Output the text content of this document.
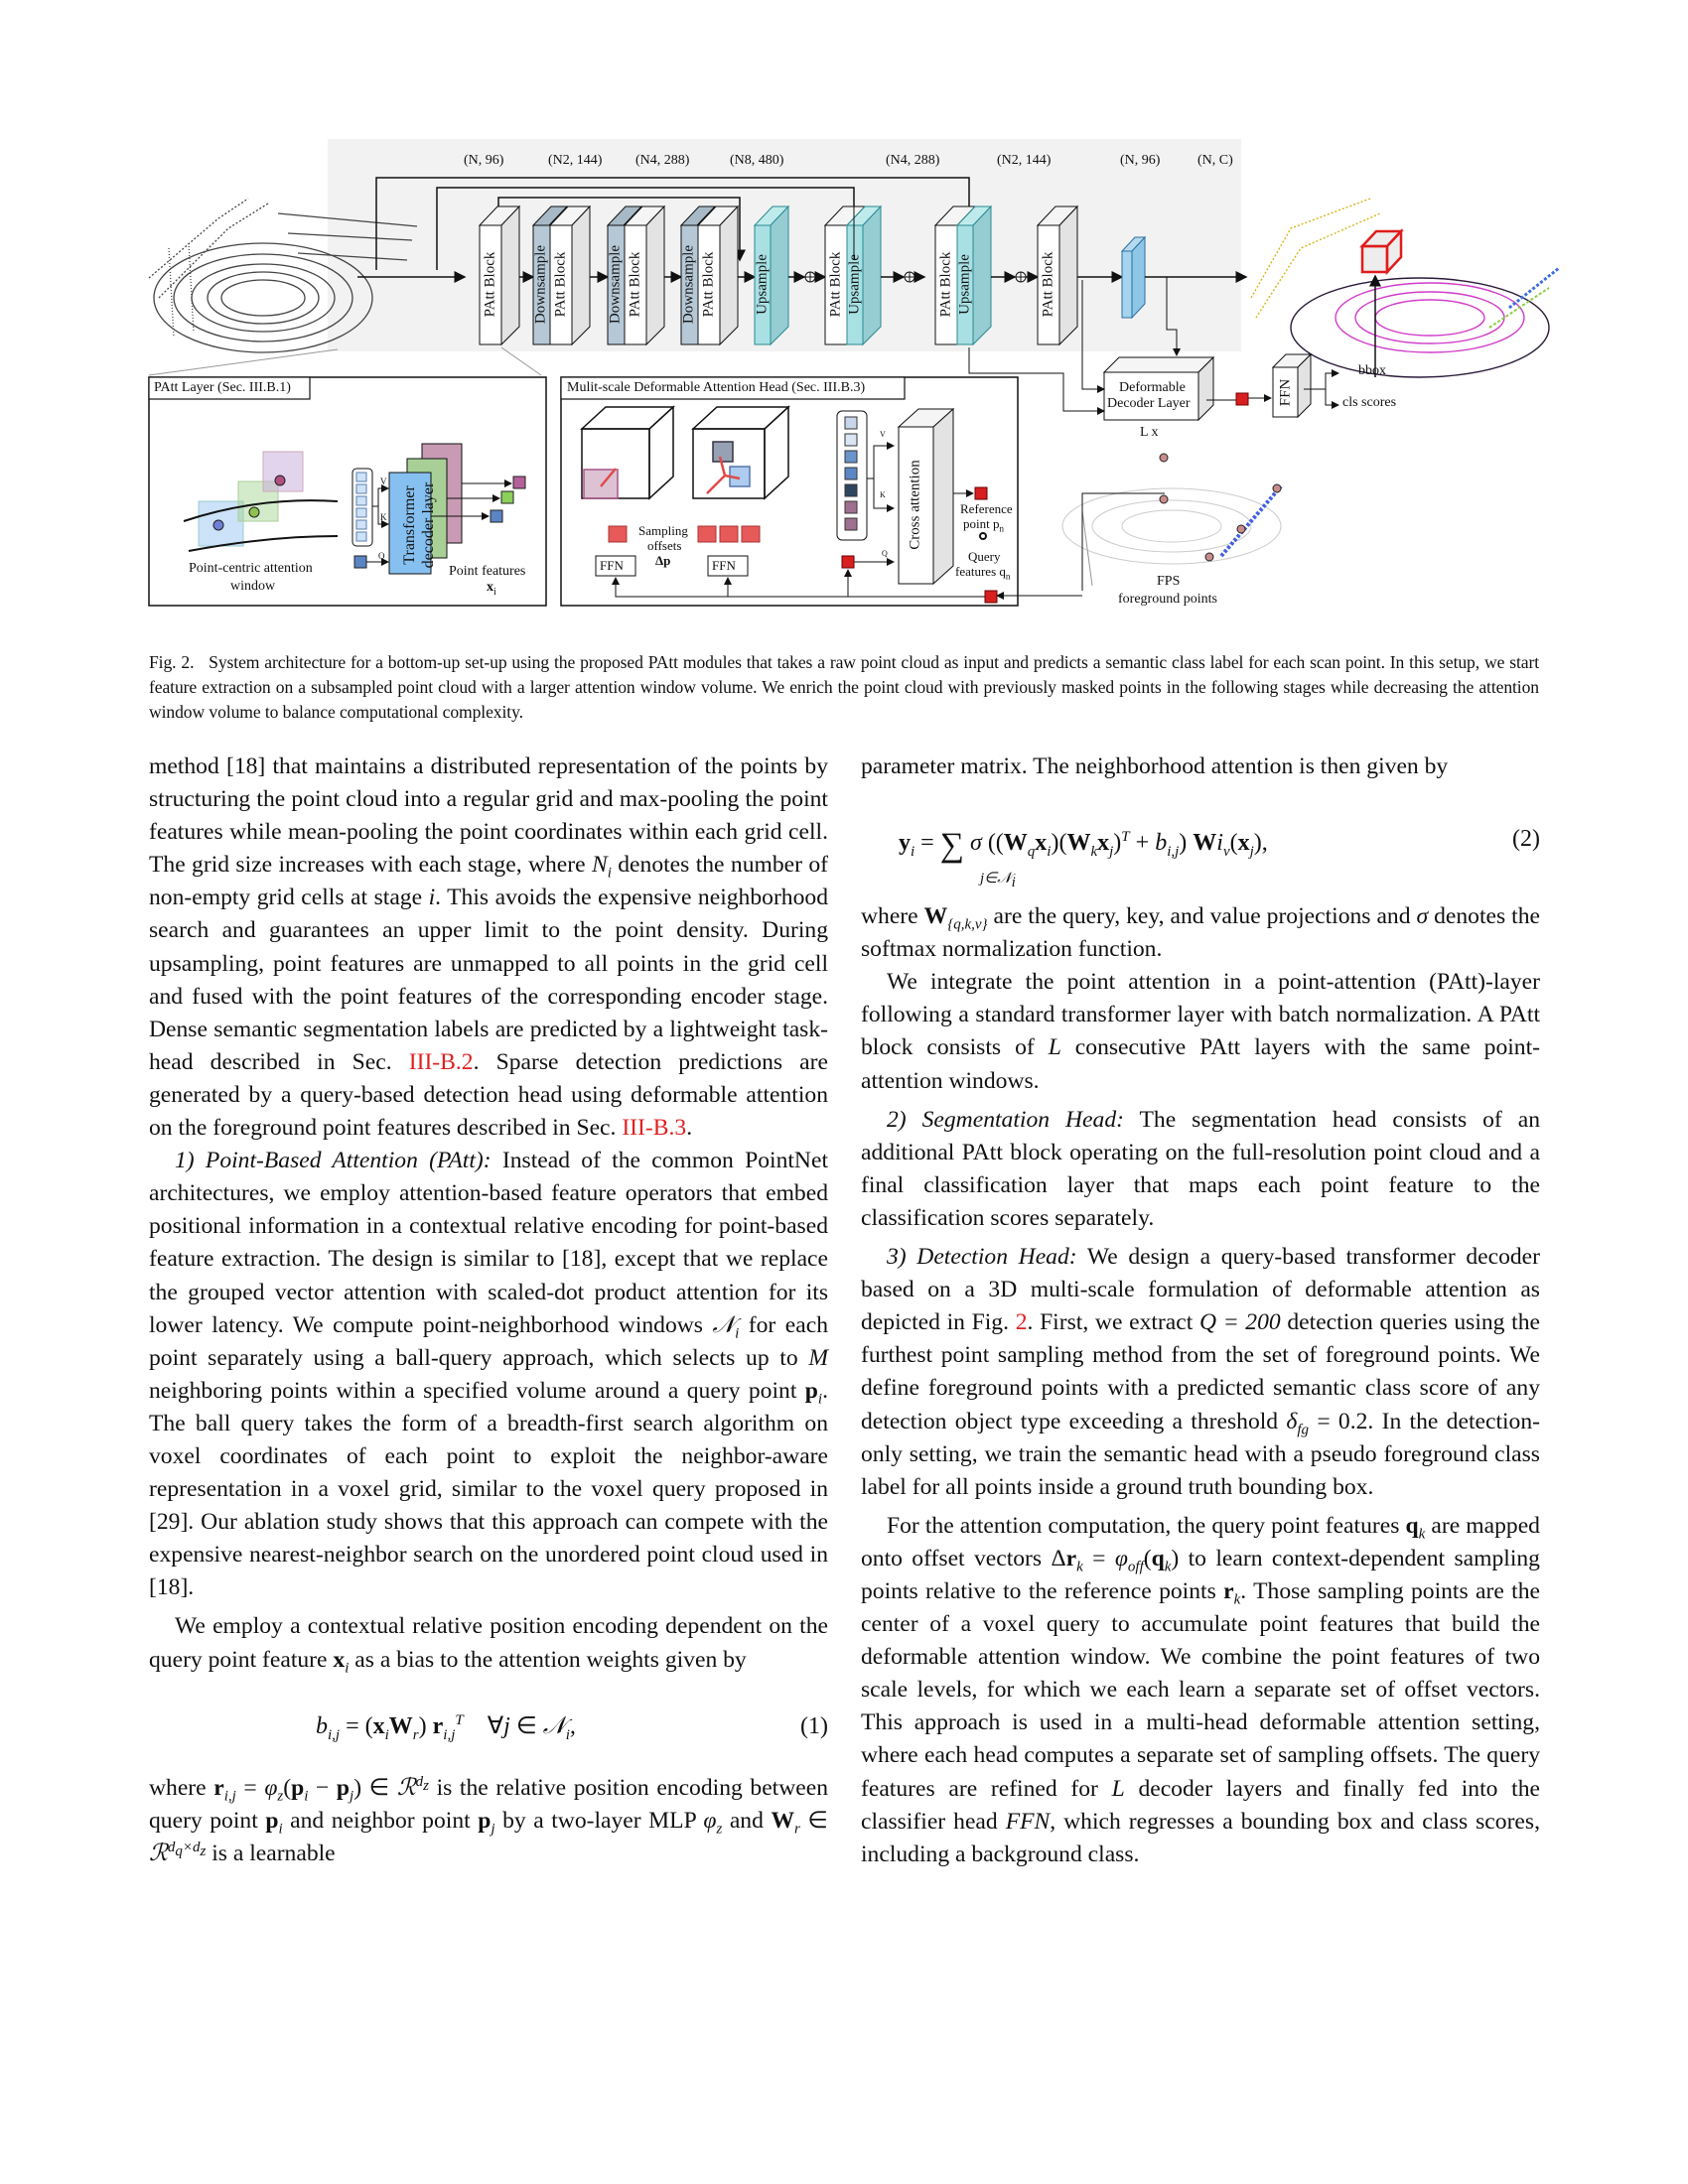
(N, 96)	(N2, 144) (N4, 288)	(N8, 480)	(N4, 288)	(N2, 144)	(N, 96)	(N, C)
PAtt Block Downsample PAtt Block	Downsample PAtt Block	Downsample PAtt Block	Upsample	PAtt Block Upsample	PAtt Block Upsample	PAtt Block
Deformable
Decoder Layer
L x
FFN
bbox
cls scores
FPS
foreground points
PAtt Layer (Sec. III.B.1)
Point-centric attention
window
Transformer decoder layer
V
K
Q
Point features
$x_i$
Mulit-scale Deformable Attention Head (Sec. III.B.3)
Sampling
offsets
Δp
FFN	FFN
Cross attention
V
K
Q
Reference
point $p_n$
Query
features $q_n$
Fig. 2. System architecture for a bottom-up set-up using the proposed PAtt modules that takes a raw point cloud as input and predicts a semantic class label for each scan point. In this setup, we start feature extraction on a subsampled point cloud with a larger attention window volume. We enrich the point cloud with previously masked points in the following stages while decreasing the attention window volume to balance computational complexity.

method [18] that maintains a distributed representation of the points by structuring the point cloud into a regular grid and max-pooling the point features while mean-pooling the point coordinates within each grid cell. The grid size increases with each stage, where $N_i$ denotes the number of non-empty grid cells at stage i. This avoids the expensive neighborhood search and guarantees an upper limit to the point density. During upsampling, point features are unmapped to all points in the grid cell and fused with the point features of the corresponding encoder stage. Dense semantic segmentation labels are predicted by a lightweight task-head described in Sec. III-B.2. Sparse detection predictions are generated by a query-based detection head using deformable attention on the foreground point features described in Sec. III-B.3.

1) Point-Based Attention (PAtt): Instead of the common PointNet architectures, we employ attention-based feature operators that embed positional information in a contextual relative encoding for point-based feature extraction. The design is similar to [18], except that we replace the grouped vector attention with scaled-dot product attention for its lower latency. We compute point-neighborhood windows 𝒩$_i$ for each point separately using a ball-query approach, which selects up to M neighboring points within a specified volume around a query point $p_i$. The ball query takes the form of a breadth-first search algorithm on voxel coordinates of each point to exploit the neighbor-aware representation in a voxel grid, similar to the voxel query proposed in [29]. Our ablation study shows that this approach can compete with the expensive nearest-neighbor search on the unordered point cloud used in [18].

We employ a contextual relative position encoding dependent on the query point feature $x_i$ as a bias to the attention weights given by

$b_{i,j} = (x_iW_r)$ $r_{i,j}^T$ ∀j ∈ 𝒩$_i$,	(1)

where $r_{i,j} = \varphi_z(p_i - p_j)$ ∈ ℛ$^{d_z}$ is the relative position encoding between query point $p_i$ and neighbor point $p_j$ by a two-layer MLP $\varphi_z$ and $W_r$ ∈ ℛ$^{d_q\times d_z}$ is a learnable

parameter matrix. The neighborhood attention is then given by

$y_i$ = ∑ σ $((W_qx_i)(W_kx_j)^T + b_{i,j})$ $Wi_v(x_j)$,
j∈𝒩$_i$
(2)

where $W_{\{q,k,v\}}$ are the query, key, and value projections and σ denotes the softmax normalization function.

We integrate the point attention in a point-attention (PAtt)-layer following a standard transformer layer with batch normalization. A PAtt block consists of L consecutive PAtt layers with the same point-attention windows.

2) Segmentation Head: The segmentation head consists of an additional PAtt block operating on the full-resolution point cloud and a final classification layer that maps each point feature to the classification scores separately.

3) Detection Head: We design a query-based transformer decoder based on a 3D multi-scale formulation of deformable attention as depicted in Fig. 2. First, we extract Q = 200 detection queries using the furthest point sampling method from the set of foreground points. We define foreground points with a predicted semantic class score of any detection object type exceeding a threshold $\delta_{fg} = 0.2$. In the detection-only setting, we train the semantic head with a pseudo foreground class label for all points inside a ground truth bounding box.

For the attention computation, the query point features $q_k$ are mapped onto offset vectors $\Delta r_k = \varphi_{off}(q_k)$ to learn context-dependent sampling points relative to the reference points $r_k$. Those sampling points are the center of a voxel query to accumulate point features that build the deformable attention window. We combine the point features of two scale levels, for which we each learn a separate set of offset vectors. This approach is used in a multi-head deformable attention setting, where each head computes a separate set of sampling offsets. The query features are refined for L decoder layers and finally fed into the classifier head FFN, which regresses a bounding box and class scores, including a background class.
